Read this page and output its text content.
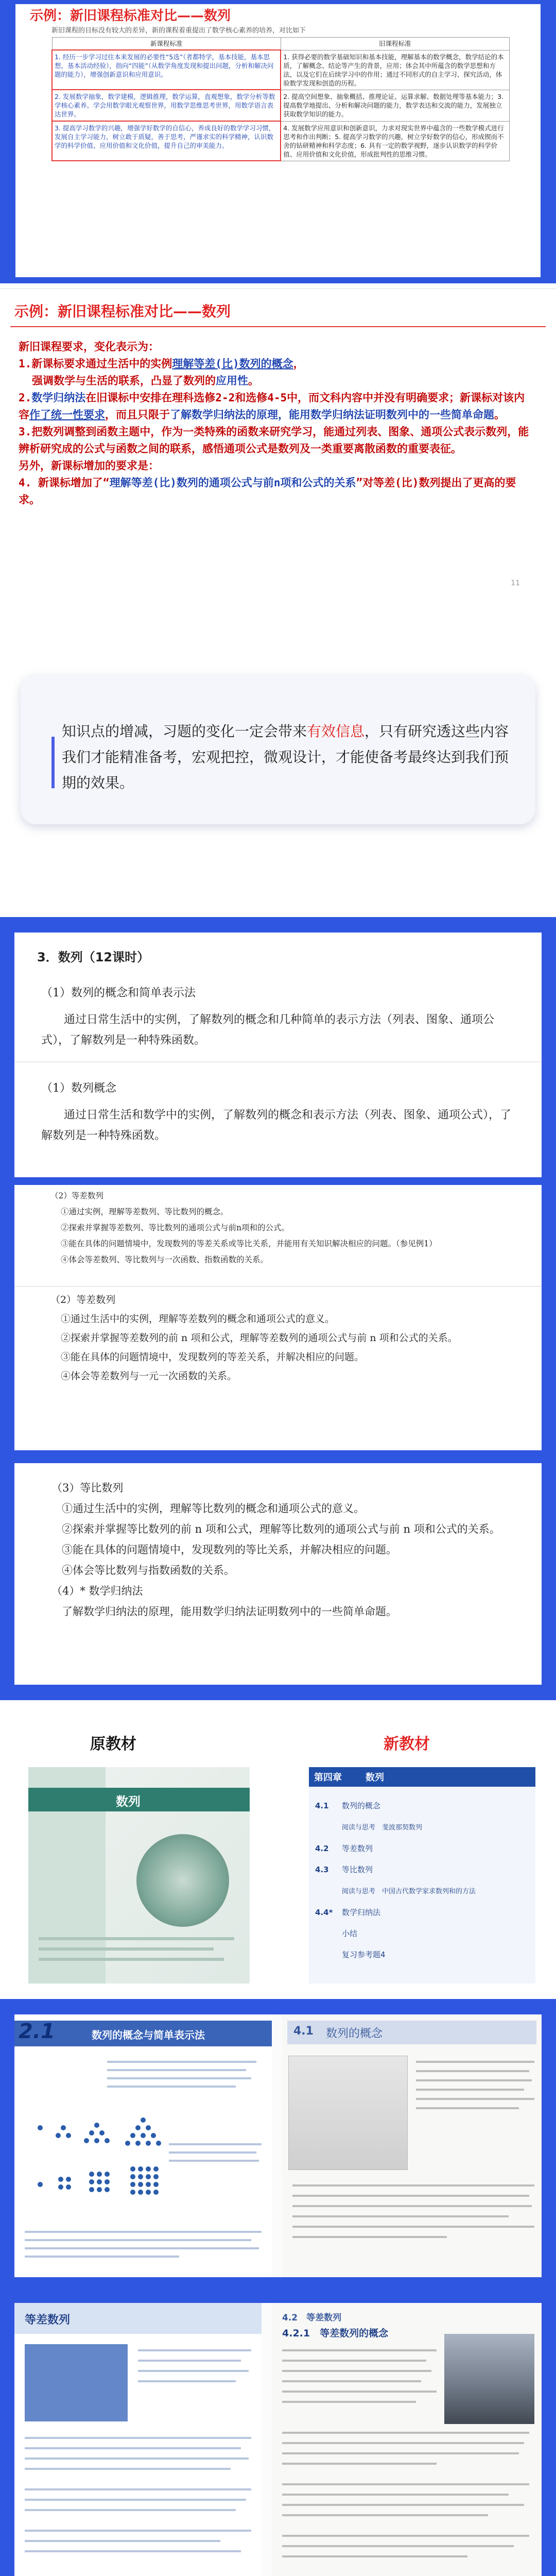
示例：新旧课程标准对比——数列
新旧课程的目标没有较大的差异，新的课程着重提出了数学核心素养的培养，对比如下
新课程标准	旧课程标准
1. 经历一步学习过往本来发展的必要性“5选”（者都特学，基本技能，基本思想，基本活动经验），指向“四能”（从数学角度发现和提出问题，分析和解决问题的能力），增强创新意识和应用意识。	1. 获得必要的数学基础知识和基本技能，理解基本的数学概念，数学结论的本质，了解概念、结论等产生的背景，应用；体会其中所蕴含的数学思想和方法，以及它们在后续学习中的作用；通过不同形式的自主学习、探究活动，体验数学发现和创造的历程。
2. 发展数学抽象，数学建模，逻辑推理，数学运算，直观想象，数学分析等数学核心素养。学会用数学眼光观察世界，用数学思维思考世界，用数学语言表达世界。	2. 提高空间想象、抽象概括、推理论证、运算求解、数据处理等基本能力；3. 提高数学地提出、分析和解决问题的能力，数学表达和交流的能力，发展独立获取数学知识的能力。
3. 提高学习数学的兴趣，增强学好数学的自信心，养成良好的数学学习习惯，发展自主学习能力，树立敢于质疑，善于思考，严谨求实的科学精神，认识数学的科学价值、应用价值和文化价值，提升自己的审美能力。	4. 发展数学应用意识和创新意识，力求对现实世界中蕴含的一些数学模式进行思考和作出判断；5. 提高学习数学的兴趣，树立学好数学的信心，形成锲而不舍的钻研精神和科学态度；6. 具有一定的数学视野，逐步认识数学的科学价值、应用价值和文化价值，形成批判性的思维习惯。
示例：新旧课程标准对比——数列
新旧课程要求，变化表示为：
1.新课标要求通过生活中的实例理解等差(比)数列的概念，
强调数学与生活的联系，凸显了数列的应用性。
2.数学归纳法在旧课标中安排在理科选修2-2和选修4-5中，而文科内容中并没有明确要求；新课标对该内容作了统一性要求，而且只限于了解数学归纳法的原理，能用数学归纳法证明数列中的一些简单命题。
3.把数列调整到函数主题中，作为一类特殊的函数来研究学习，能通过列表、图象、通项公式表示数列，能辨析研究成的公式与函数之间的联系，感悟通项公式是数列及一类重要离散函数的重要表征。
另外，新课标增加的要求是：
4. 新课标增加了“理解等差(比)数列的通项公式与前n项和公式的关系”对等差(比)数列提出了更高的要求。
11
知识点的增减，习题的变化一定会带来有效信息，只有研究透这些内容我们才能精准备考，宏观把控，微观设计，才能使备考最终达到我们预期的效果。
3．数列（12课时）
（1）数列的概念和简单表示法
通过日常生活中的实例，了解数列的概念和几种简单的表示方法（列表、图象、通项公式），了解数列是一种特殊函数。
（1）数列概念
通过日常生活和数学中的实例，了解数列的概念和表示方法（列表、图象、通项公式），了解数列是一种特殊函数。
（2）等差数列
①通过实例，理解等差数列、等比数列的概念。
②探索并掌握等差数列、等比数列的通项公式与前n项和的公式。
③能在具体的问题情境中，发现数列的等差关系或等比关系，并能用有关知识解决相应的问题。（参见例1）
④体会等差数列、等比数列与一次函数、指数函数的关系。
（2）等差数列
①通过生活中的实例，理解等差数列的概念和通项公式的意义。
②探索并掌握等差数列的前 n 项和公式，理解等差数列的通项公式与前 n 项和公式的关系。
③能在具体的问题情境中，发现数列的等差关系，并解决相应的问题。
④体会等差数列与一元一次函数的关系。
（3）等比数列
①通过生活中的实例，理解等比数列的概念和通项公式的意义。
②探索并掌握等比数列的前 n 项和公式，理解等比数列的通项公式与前 n 项和公式的关系。
③能在具体的问题情境中，发现数列的等比关系，并解决相应的问题。
④体会等比数列与指数函数的关系。
（4）* 数学归纳法
了解数学归纳法的原理，能用数学归纳法证明数列中的一些简单命题。
原教材	新教材
数列
第四章	数列
4.1 数列的概念
阅读与思考　斐波那契数列
4.2 等差数列
4.3 等比数列
阅读与思考　中国古代数学家求数列和的方法
4.4* 数学归纳法
小结
复习参考题4
2.1	数列的概念与简单表示法	4.1 数列的概念
等差数列	4.2　等差数列
4.2.1　等差数列的概念
